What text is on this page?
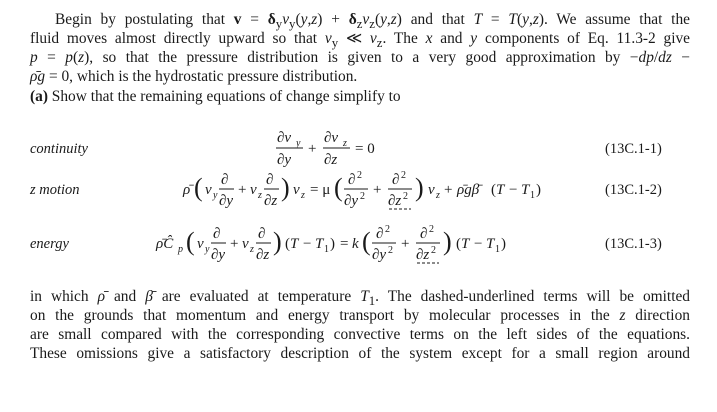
Begin by postulating that $v = \delta_yv_y(y,z) + \delta_zv_z(y,z)$ and that T = T(y,z). We assume that the
fluid moves almost directly upward so that $v_y$ ≪ $v_z$. The x and y components of Eq. 11.3-2 give
p = p(z), so that the pressure distribution is given to a very good approximation by −dp/dz −
ρ̄g = 0, which is the hydrostatic pressure distribution.
(a) Show that the remaining equations of change simplify to
continuity
z motion
energy
(13C.1-1)
(13C.1-2)
(13C.1-3)
∂v y
∂y
+
∂v z
∂z
= 0
ρ̄ ( v y
∂
∂y
+ v z
∂
∂z ) v z = μ ( ∂ 2
∂y 2 +
∂ 2
∂z 2 ) v z + ρ̄gβ̄ ( T − T 1 )
ρ̄Ĉ p ( v y
∂
∂y
+ v z
∂
∂z ) ( T − T 1 ) = k ( ∂ 2
∂y 2 +
∂ 2
∂z 2 ) ( T − T 1 )
in which ρ̄ and β̄ are evaluated at temperature $T_1$. The dashed-underlined terms will be omitted
on the grounds that momentum and energy transport by molecular processes in the z direction
are small compared with the corresponding convective terms on the left sides of the equations.
These omissions give a satisfactory description of the system except for a small region around
